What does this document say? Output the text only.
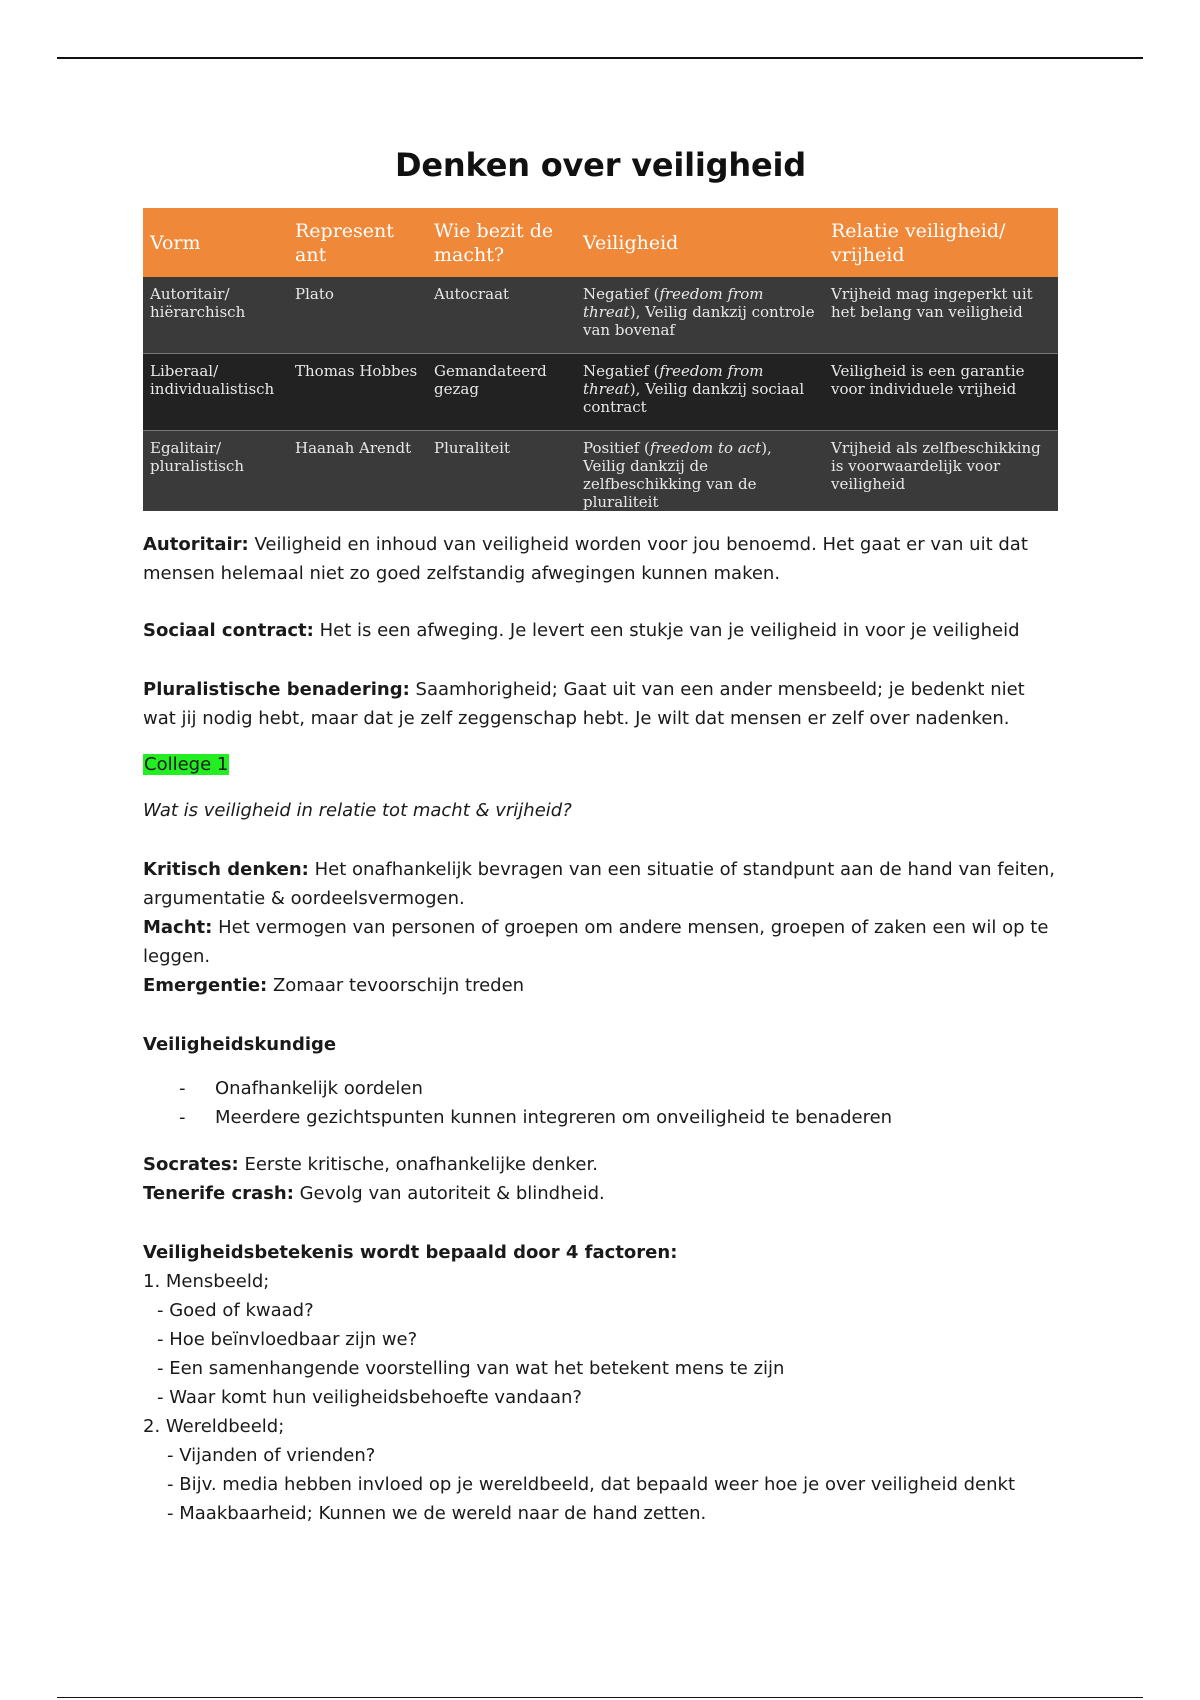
Denken over veiligheid
Vorm	Represent ant	Wie bezit de macht?	Veiligheid	Relatie veiligheid/ vrijheid
Autoritair/ hiërarchisch	Plato	Autocraat	Negatief (freedom from threat), Veilig dankzij controle van bovenaf	Vrijheid mag ingeperkt uit het belang van veiligheid
Liberaal/ individualistisch	Thomas Hobbes	Gemandateerd gezag	Negatief (freedom from threat), Veilig dankzij sociaal contract	Veiligheid is een garantie voor individuele vrijheid
Egalitair/ pluralistisch	Haanah Arendt	Pluraliteit	Positief (freedom to act), Veilig dankzij de zelfbeschikking van de pluraliteit	Vrijheid als zelfbeschikking is voorwaardelijk voor veiligheid

Autoritair: Veiligheid en inhoud van veiligheid worden voor jou benoemd. Het gaat er van uit dat mensen helemaal niet zo goed zelfstandig afwegingen kunnen maken.

Sociaal contract: Het is een afweging. Je levert een stukje van je veiligheid in voor je veiligheid

Pluralistische benadering: Saamhorigheid; Gaat uit van een ander mensbeeld; je bedenkt niet wat jij nodig hebt, maar dat je zelf zeggenschap hebt. Je wilt dat mensen er zelf over nadenken.

College 1
Wat is veiligheid in relatie tot macht & vrijheid?

Kritisch denken: Het onafhankelijk bevragen van een situatie of standpunt aan de hand van feiten, argumentatie & oordeelsvermogen.

Macht: Het vermogen van personen of groepen om andere mensen, groepen of zaken een wil op te leggen.

Emergentie: Zomaar tevoorschijn treden

Veiligheidskundige

- Onafhankelijk oordelen

- Meerdere gezichtspunten kunnen integreren om onveiligheid te benaderen

Socrates: Eerste kritische, onafhankelijke denker.

Tenerife crash: Gevolg van autoriteit & blindheid.

Veiligheidsbetekenis wordt bepaald door 4 factoren:

1. Mensbeeld;

- Goed of kwaad?

- Hoe beïnvloedbaar zijn we?

- Een samenhangende voorstelling van wat het betekent mens te zijn

- Waar komt hun veiligheidsbehoefte vandaan?

2. Wereldbeeld;

- Vijanden of vrienden?

- Bijv. media hebben invloed op je wereldbeeld, dat bepaald weer hoe je over veiligheid denkt

- Maakbaarheid; Kunnen we de wereld naar de hand zetten.
